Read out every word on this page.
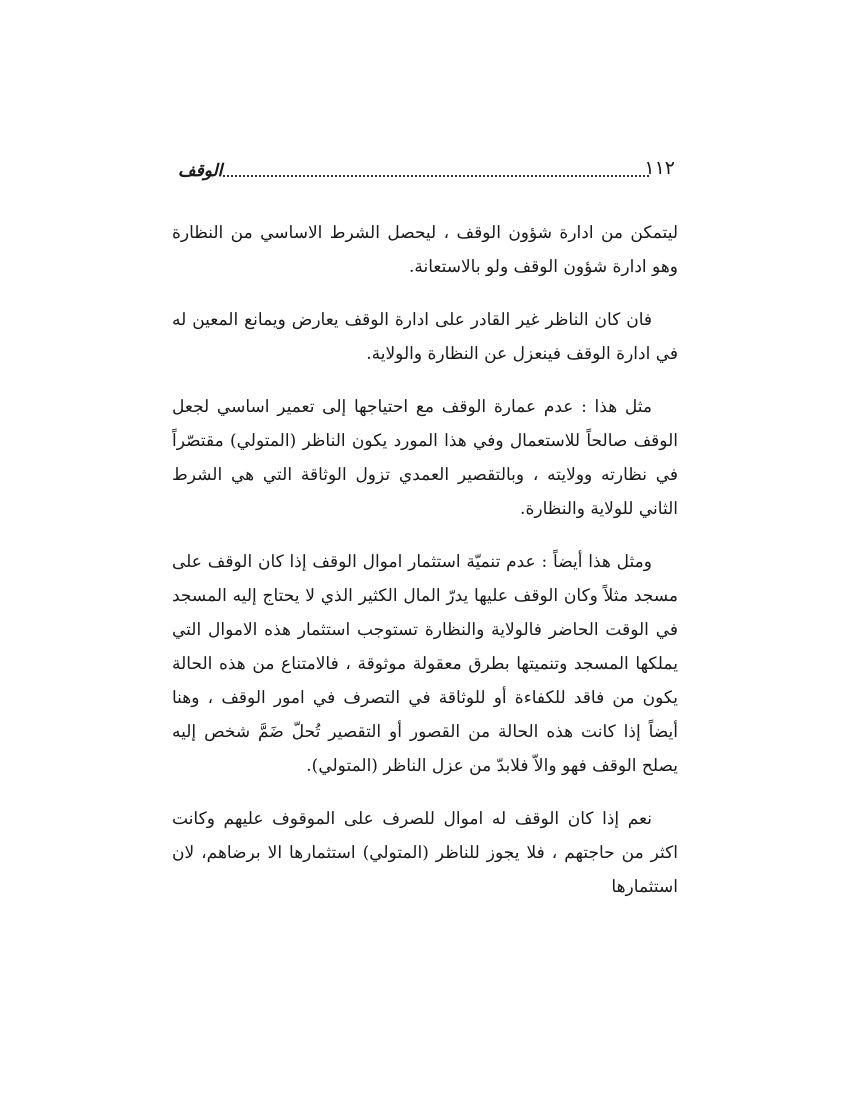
١١٢
الوقف

ليتمكن من ادارة شؤون الوقف ، ليحصل الشرط الاساسي من النظارة وهو ادارة شؤون الوقف ولو بالاستعانة.

فان كان الناظر غير القادر على ادارة الوقف يعارض ويمانع المعين له في ادارة الوقف فينعزل عن النظارة والولاية.

مثل هذا : عدم عمارة الوقف مع احتياجها إلى تعمير اساسي لجعل الوقف صالحاً للاستعمال وفي هذا المورد يكون الناظر (المتولي) مقتصّراً في نظارته وولايته ، وبالتقصير العمدي تزول الوثاقة التي هي الشرط الثاني للولاية والنظارة.

ومثل هذا أيضاً : عدم تنميّة استثمار اموال الوقف إذا كان الوقف على مسجد مثلاً وكان الوقف عليها يدرّ المال الكثير الذي لا يحتاج إليه المسجد في الوقت الحاضر فالولاية والنظارة تستوجب استثمار هذه الاموال التي يملكها المسجد وتنميتها بطرق معقولة موثوقة ، فالامتناع من هذه الحالة يكون من فاقد للكفاءة أو للوثاقة في التصرف في امور الوقف ، وهنا أيضاً إذا كانت هذه الحالة من القصور أو التقصير تُحلّ ضَمَّ شخص إليه يصلح الوقف فهو والاّ فلابدّ من عزل الناظر (المتولي).

نعم إذا كان الوقف له اموال للصرف على الموقوف عليهم وكانت اكثر من حاجتهم ، فلا يجوز للناظر (المتولي) استثمارها الا برضاهم، لان استثمارها
